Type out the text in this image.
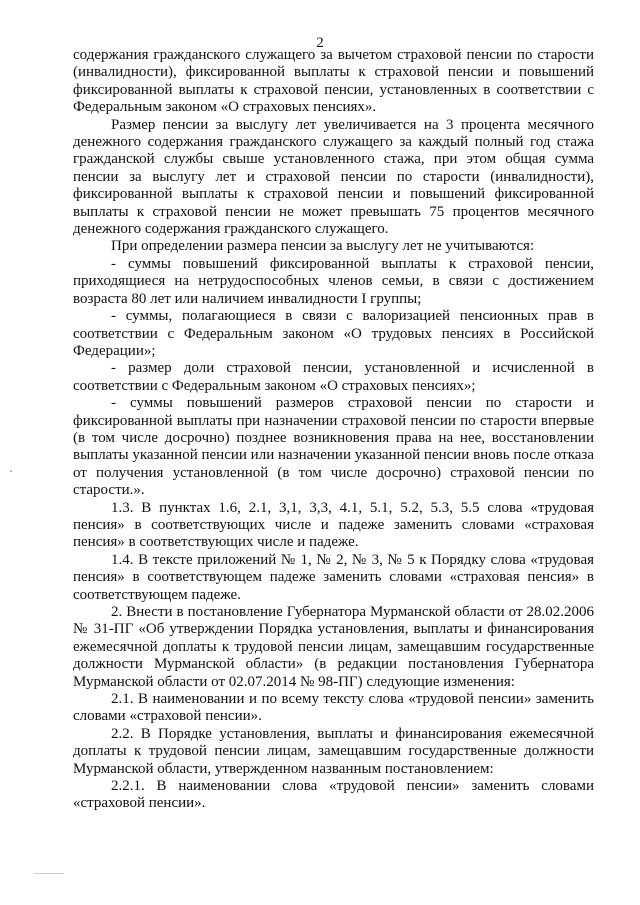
2

содержания гражданского служащего за вычетом страховой пенсии по старости (инвалидности), фиксированной выплаты к страховой пенсии и повышений фиксированной выплаты к страховой пенсии, установленных в соответствии с Федеральным законом «О страховых пенсиях».

Размер пенсии за выслугу лет увеличивается на 3 процента месячного денежного содержания гражданского служащего за каждый полный год стажа гражданской службы свыше установленного стажа, при этом общая сумма пенсии за выслугу лет и страховой пенсии по старости (инвалидности), фиксированной выплаты к страховой пенсии и повышений фиксированной выплаты к страховой пенсии не может превышать 75 процентов месячного денежного содержания гражданского служащего.

При определении размера пенсии за выслугу лет не учитываются:

- суммы повышений фиксированной выплаты к страховой пенсии, приходящиеся на нетрудоспособных членов семьи, в связи с достижением возраста 80 лет или наличием инвалидности I группы;

- суммы, полагающиеся в связи с валоризацией пенсионных прав в соответствии с Федеральным законом «О трудовых пенсиях в Российской Федерации»;

- размер доли страховой пенсии, установленной и исчисленной в соответствии с Федеральным законом «О страховых пенсиях»;

- суммы повышений размеров страховой пенсии по старости и фиксированной выплаты при назначении страховой пенсии по старости впервые (в том числе досрочно) позднее возникновения права на нее, восстановлении выплаты указанной пенсии или назначении указанной пенсии вновь после отказа от получения установленной (в том числе досрочно) страховой пенсии по старости.».

1.3. В пунктах 1.6, 2.1, 3,1, 3,3, 4.1, 5.1, 5.2, 5.3, 5.5 слова «трудовая пенсия» в соответствующих числе и падеже заменить словами «страховая пенсия» в соответствующих числе и падеже.

1.4. В тексте приложений № 1, № 2, № 3, № 5 к Порядку слова «трудовая пенсия» в соответствующем падеже заменить словами «страховая пенсия» в соответствующем падеже.

2. Внести в постановление Губернатора Мурманской области от 28.02.2006 № 31-ПГ «Об утверждении Порядка установления, выплаты и финансирования ежемесячной доплаты к трудовой пенсии лицам, замещавшим государственные должности Мурманской области» (в редакции постановления Губернатора Мурманской области от 02.07.2014 № 98-ПГ) следующие изменения:

2.1. В наименовании и по всему тексту слова «трудовой пенсии» заменить словами «страховой пенсии».

2.2. В Порядке установления, выплаты и финансирования ежемесячной доплаты к трудовой пенсии лицам, замещавшим государственные должности Мурманской области, утвержденном названным постановлением:

2.2.1. В наименовании слова «трудовой пенсии» заменить словами «страховой пенсии».
